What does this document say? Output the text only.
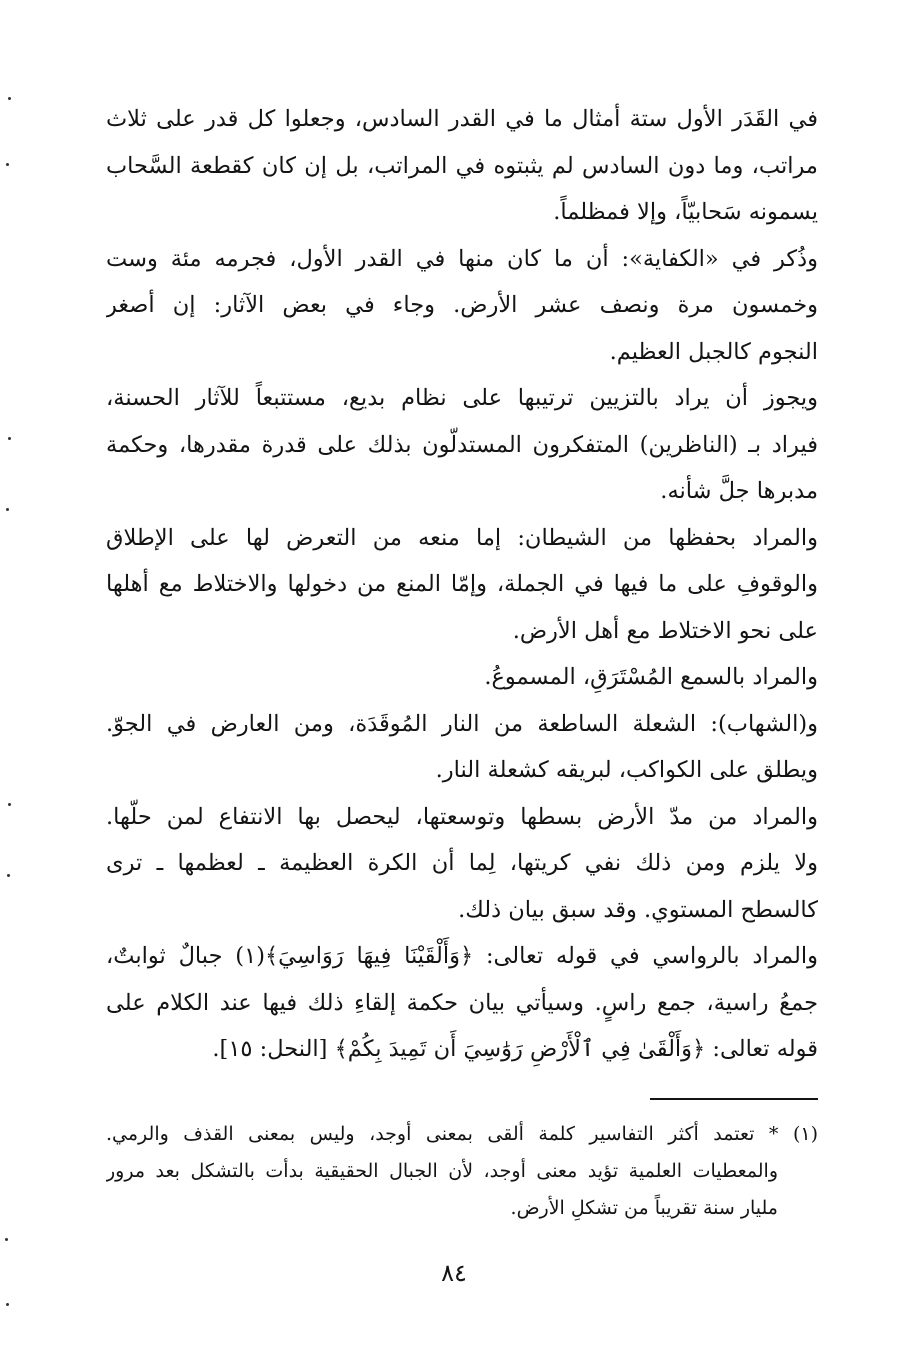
في القَدَر الأول ستة أمثال ما في القدر السادس، وجعلوا كل قدر على ثلاث
مراتب، وما دون السادس لم يثبتوه في المراتب، بل إن كان كقطعة السَّحاب
يسمونه سَحابيّاً، وإلا فمظلماً.
وذُكر في «الكفاية»: أن ما كان منها في القدر الأول، فجرمه مئة وست
وخمسون مرة ونصف عشر الأرض. وجاء في بعض الآثار: إن أصغر
النجوم كالجبل العظيم.
ويجوز أن يراد بالتزيين ترتيبها على نظام بديع، مستتبعاً للآثار الحسنة،
فيراد بـ (الناظرين) المتفكرون المستدلّون بذلك على قدرة مقدرها، وحكمة
مدبرها جلَّ شأنه.
والمراد بحفظها من الشيطان: إما منعه من التعرض لها على الإطلاق
والوقوفِ على ما فيها في الجملة، وإمّا المنع من دخولها والاختلاط مع أهلها
على نحو الاختلاط مع أهل الأرض.
والمراد بالسمع المُسْتَرَقِ، المسموعُ.
و(الشهاب): الشعلة الساطعة من النار المُوقَدَة، ومن العارض في الجوّ.
ويطلق على الكواكب، لبريقه كشعلة النار.
والمراد من مدّ الأرض بسطها وتوسعتها، ليحصل بها الانتفاع لمن حلّها.
ولا يلزم ومن ذلك نفي كريتها، لِما أن الكرة العظيمة ـ لعظمها ـ ترى
كالسطح المستوي. وقد سبق بيان ذلك.
والمراد بالرواسي في قوله تعالى: ﴿وَأَلْقَيْنَا فِيهَا رَوَاسِيَ﴾(١) جبالٌ ثوابتٌ،
جمعُ راسية، جمع راسٍ. وسيأتي بيان حكمة إلقاءِ ذلك فيها عند الكلام على
قوله تعالى: ﴿وَأَلْقَىٰ فِي ٱلْأَرْضِ رَوَٰسِيَ أَن تَمِيدَ بِكُمْ﴾ [النحل: ١٥].
(١) * تعتمد أكثر التفاسير كلمة ألقى بمعنى أوجد، وليس بمعنى القذف والرمي.
والمعطيات العلمية تؤيد معنى أوجد، لأن الجبال الحقيقية بدأت بالتشكل بعد مرور
مليار سنة تقريباً من تشكلِ الأرض.
٨٤
